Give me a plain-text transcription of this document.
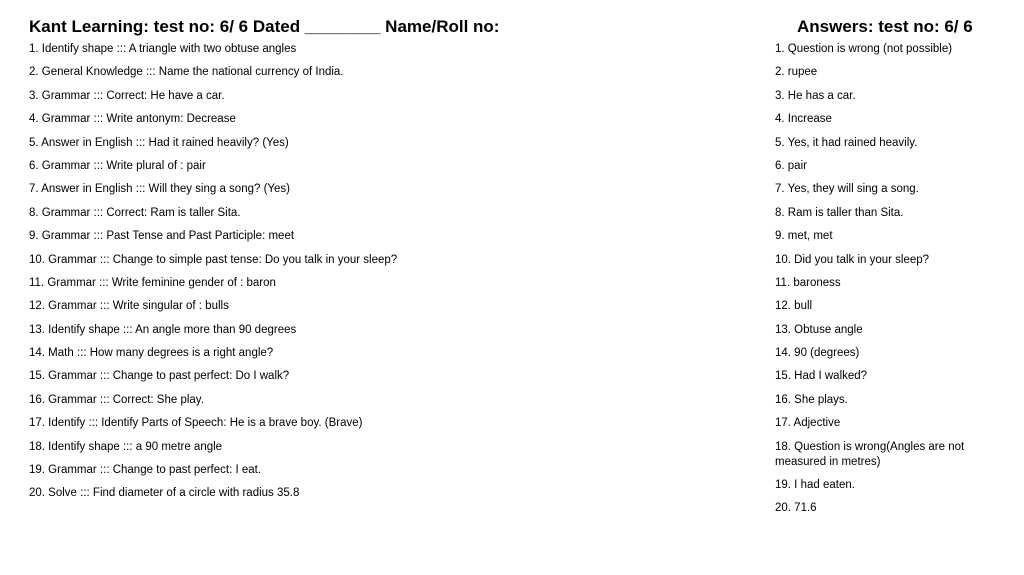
Kant Learning: test no: 6/ 6 Dated ________ Name/Roll no:	Answers: test no: 6/ 6
1. Identify shape ::: A triangle with two obtuse angles
2. General Knowledge ::: Name the national currency of India.
3. Grammar ::: Correct: He have a car.
4. Grammar ::: Write antonym: Decrease
5. Answer in English ::: Had it rained heavily? (Yes)
6. Grammar ::: Write plural of : pair
7. Answer in English ::: Will they sing a song? (Yes)
8. Grammar ::: Correct: Ram is taller Sita.
9. Grammar ::: Past Tense and Past Participle: meet
10. Grammar ::: Change to simple past tense: Do you talk in your sleep?
11. Grammar ::: Write feminine gender of : baron
12. Grammar ::: Write singular of : bulls
13. Identify shape ::: An angle more than 90 degrees
14. Math ::: How many degrees is a right angle?
15. Grammar ::: Change to past perfect: Do I walk?
16. Grammar ::: Correct: She play.
17. Identify ::: Identify Parts of Speech: He is a brave boy. (Brave)
18. Identify shape ::: a 90 metre angle
19. Grammar ::: Change to past perfect: I eat.
20. Solve ::: Find diameter of a circle with radius 35.8
1. Question is wrong (not possible)
2. rupee
3. He has a car.
4. Increase
5. Yes, it had rained heavily.
6. pair
7. Yes, they will sing a song.
8. Ram is taller than Sita.
9. met, met
10. Did you talk in your sleep?
11. baroness
12. bull
13. Obtuse angle
14. 90 (degrees)
15. Had I walked?
16. She plays.
17. Adjective
18. Question is wrong(Angles are not measured in metres)
19. I had eaten.
20. 71.6
